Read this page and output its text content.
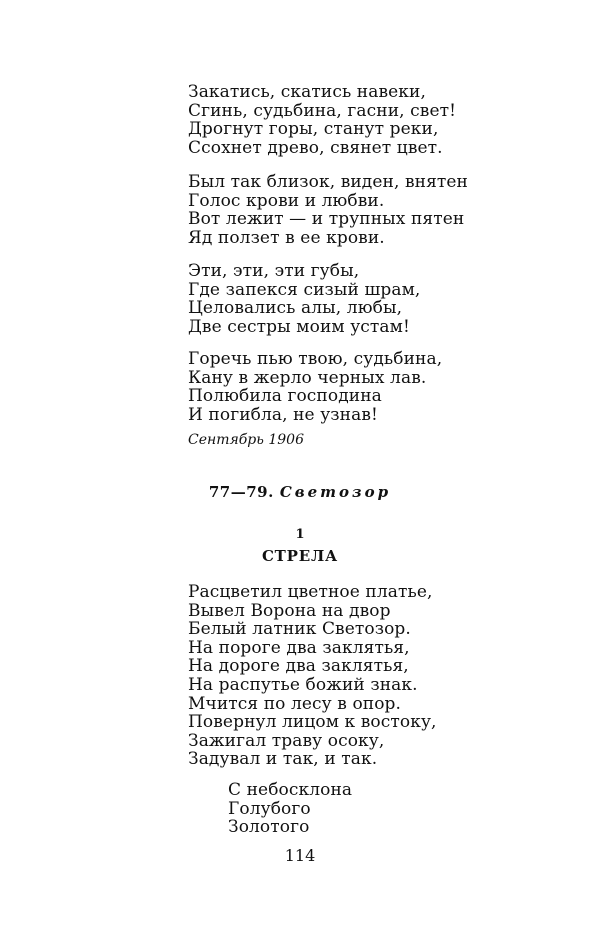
Закатись, скатись навеки,
Сгинь, судьбина, гасни, свет!
Дрогнут горы, станут реки,
Ссохнет древо, свянет цвет.
Был так близок, виден, внятен
Голос крови и любви.
Вот лежит — и трупных пятен
Яд ползет в ее крови.
Эти, эти, эти губы,
Где запекся сизый шрам,
Целовались алы, любы,
Две сестры моим устам!
Горечь пью твою, судьбина,
Кану в жерло черных лав.
Полюбила господина
И погибла, не узнав!
Сентябрь 1906
77—79. Светозор
1
СТРЕЛА
Расцветил цветное платье,
Вывел Ворона на двор
Белый латник Светозор.
На пороге два заклятья,
На дороге два заклятья,
На распутье божий знак.
Мчится по лесу в опор.
Повернул лицом к востоку,
Зажигал траву осоку,
Задувал и так, и так.
С небосклона
Голубого
Золотого
114
